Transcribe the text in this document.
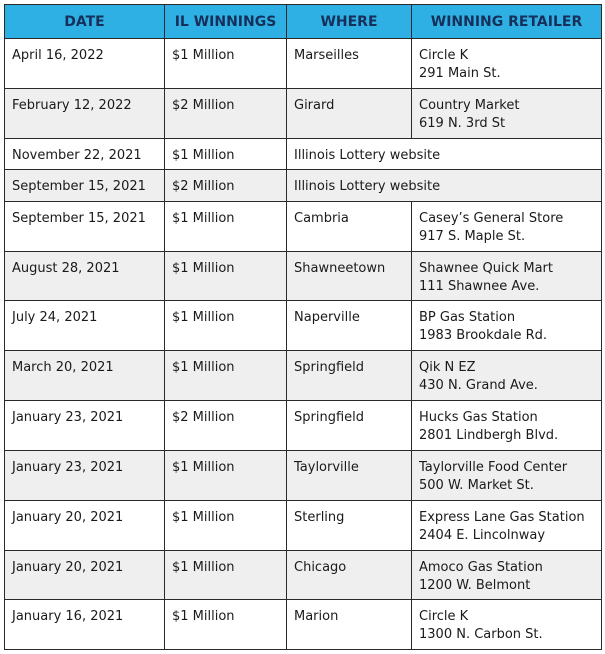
DATE	IL WINNINGS	WHERE	WINNING RETAILER
April 16, 2022	$1 Million	Marseilles	Circle K
291 Main St.

February 12, 2022	$2 Million	Girard	Country Market
619 N. 3rd St

November 22, 2021	$1 Million	Illinois Lottery website	
September 15, 2021	$2 Million	Illinois Lottery website	
September 15, 2021	$1 Million	Cambria	Casey’s General Store
917 S. Maple St.

August 28, 2021	$1 Million	Shawneetown	Shawnee Quick Mart
111 Shawnee Ave.

July 24, 2021	$1 Million	Naperville	BP Gas Station
1983 Brookdale Rd.

March 20, 2021	$1 Million	Springfield	Qik N EZ
430 N. Grand Ave.

January 23, 2021	$2 Million	Springfield	Hucks Gas Station
2801 Lindbergh Blvd.

January 23, 2021	$1 Million	Taylorville	Taylorville Food Center
500 W. Market St.

January 20, 2021	$1 Million	Sterling	Express Lane Gas Station
2404 E. Lincolnway

January 20, 2021	$1 Million	Chicago	Amoco Gas Station
1200 W. Belmont

January 16, 2021	$1 Million	Marion	Circle K
1300 N. Carbon St.
